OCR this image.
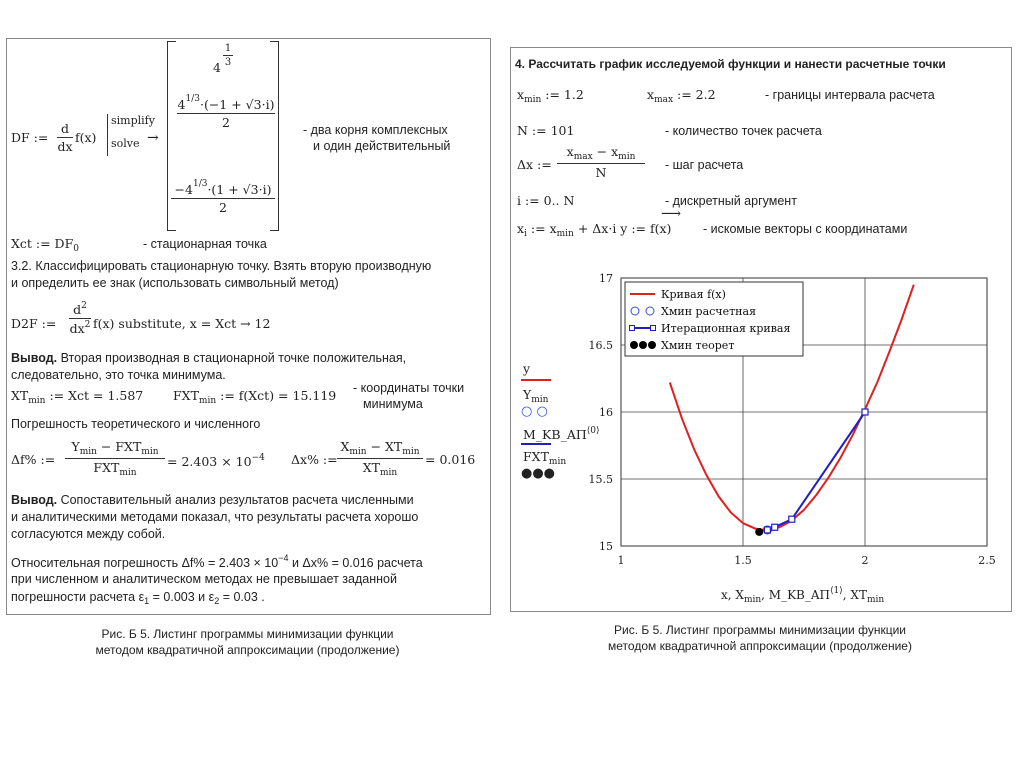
DF :=
d
dx
f(x)
simplify
solve →
4
1
3
$4^{1/3}\cdot(-1 + √3\cdot i)$
2
$-4^{1/3}\cdot(1 + √3\cdot i)$
2
- два корня комплексных
и один действительный
Xct := $DF_0$	- стационарная точка
3.2. Классифицировать стационарную точку. Взять вторую производную
и определить ее знак (использовать символьный метод)
D2F :=
$d^2$
$dx^2$ f(x) substitute, x = Xct → 12
Вывод. Вторая производная в стационарной точке положительная,
следовательно, это точка минимума.
$XT_{min}$ := Xct = 1.587 $FXT_{min}$ := f(Xct) = 15.119 - координаты точки
минимума
Погрешность теоретического и численного
Δf% :=
$Y_{min} - FXT_{min}$
$FXT_{min}$
= $2.403 \times 10^{-4}$ Δx% :=
$X_{min} - XT_{min}$
$XT_{min}$
= 0.016
Вывод. Сопоставительный анализ результатов расчета численными
и аналитическими методами показал, что результаты расчета хорошо
согласуются между собой.
Относительная погрешность $\Delta f\% = 2.403 \times 10^{-4}$ и Δx% = 0.016 расчета
при численном и аналитическом методах не превышает заданной
погрешности расчета $\varepsilon_1 = 0.003$ и $\varepsilon_2 = 0.03$ .
Рис. Б 5. Листинг программы минимизации функции
методом квадратичной аппроксимации (продолжение)
4. Рассчитать график исследуемой функции и нанести расчетные точки
$x_{min}$ := 1.2	$x_{max}$ := 2.2	- границы интервала расчета
N := 101	- количество точек расчета
Δx :=
$x_{max} - x_{min}$
N	- шаг расчета
i := 0.. N	- дискретный аргумент
$x_i$ := $x_{min} + \Delta x\cdot i$ y := f(x)
⟶
- искомые векторы с координатами
y
$Y_{min}$
○ ○
$M\_KB\_AП^{⟨0⟩}$
$FXT_{min}$
●●●
1	1.5	2	2.5
15
15.5
16
16.5
17
Кривая f(x)
Xмин расчетная
Итерационная кривая
Xмин теорет
x, $X_{min}$, $M\_KB\_AП^{⟨1⟩}$, $XT_{min}$
Рис. Б 5. Листинг программы минимизации функции
методом квадратичной аппроксимации (продолжение)
